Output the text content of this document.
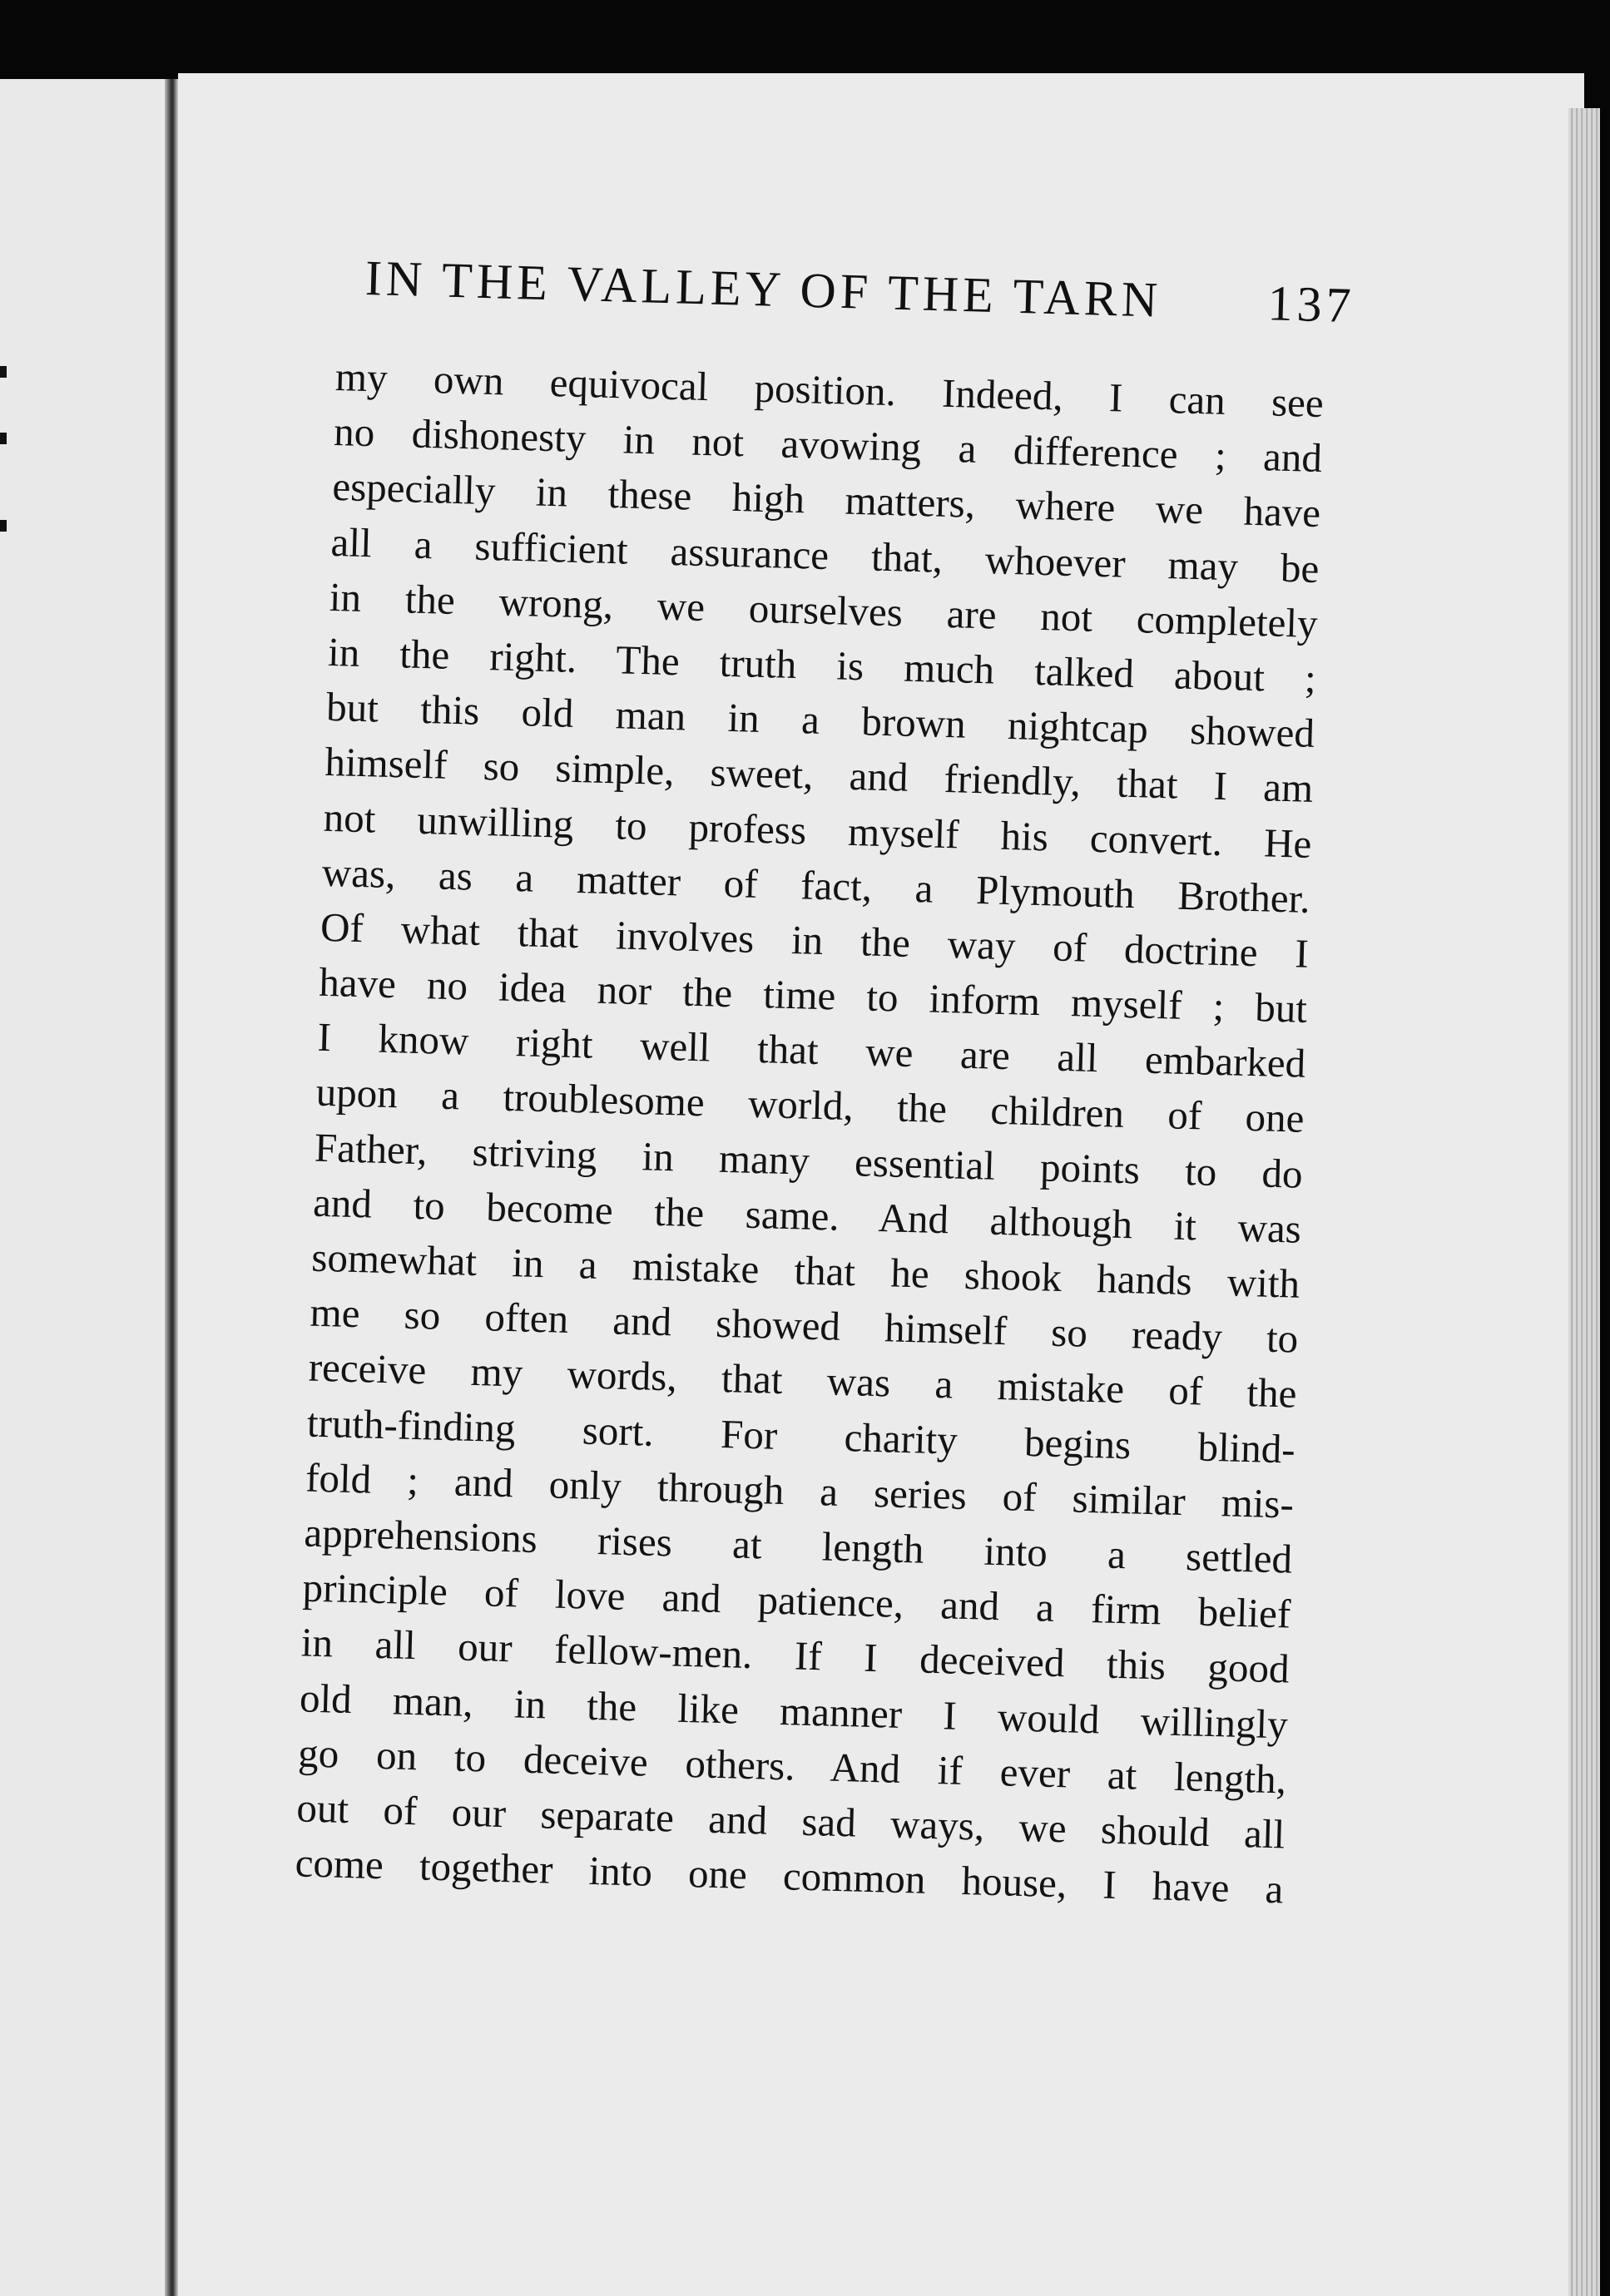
IN THE VALLEY OF THE TARN 137
my own equivocal position. Indeed, I can see
no dishonesty in not avowing a difference ; and
especially in these high matters, where we have
all a sufficient assurance that, whoever may be
in the wrong, we ourselves are not completely
in the right. The truth is much talked about ;
but this old man in a brown nightcap showed
himself so simple, sweet, and friendly, that I am
not unwilling to profess myself his convert. He
was, as a matter of fact, a Plymouth Brother.
Of what that involves in the way of doctrine I
have no idea nor the time to inform myself ; but
I know right well that we are all embarked
upon a troublesome world, the children of one
Father, striving in many essential points to do
and to become the same. And although it was
somewhat in a mistake that he shook hands with
me so often and showed himself so ready to
receive my words, that was a mistake of the
truth-finding sort. For charity begins blind-
fold ; and only through a series of similar mis-
apprehensions rises at length into a settled
principle of love and patience, and a firm belief
in all our fellow-men. If I deceived this good
old man, in the like manner I would willingly
go on to deceive others. And if ever at length,
out of our separate and sad ways, we should all
come together into one common house, I have a
